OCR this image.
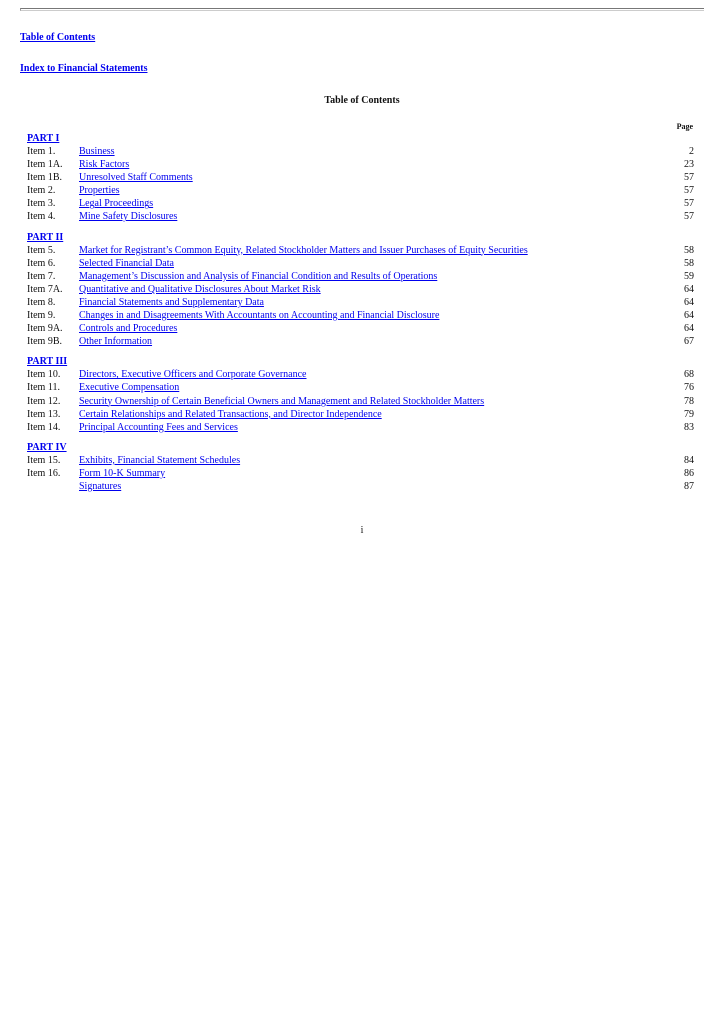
Table of Contents
Index to Financial Statements
Table of Contents
Page
PART I
Item 1.	Business	2
Item 1A.	Risk Factors	23
Item 1B.	Unresolved Staff Comments	57
Item 2.	Properties	57
Item 3.	Legal Proceedings	57
Item 4.	Mine Safety Disclosures	57
PART II
Item 5.	Market for Registrant’s Common Equity, Related Stockholder Matters and Issuer Purchases of Equity Securities	58
Item 6.	Selected Financial Data	58
Item 7.	Management’s Discussion and Analysis of Financial Condition and Results of Operations	59
Item 7A.	Quantitative and Qualitative Disclosures About Market Risk	64
Item 8.	Financial Statements and Supplementary Data	64
Item 9.	Changes in and Disagreements With Accountants on Accounting and Financial Disclosure	64
Item 9A.	Controls and Procedures	64
Item 9B.	Other Information	67
PART III
Item 10.	Directors, Executive Officers and Corporate Governance	68
Item 11.	Executive Compensation	76
Item 12.	Security Ownership of Certain Beneficial Owners and Management and Related Stockholder Matters	78
Item 13.	Certain Relationships and Related Transactions, and Director Independence	79
Item 14.	Principal Accounting Fees and Services	83
PART IV
Item 15.	Exhibits, Financial Statement Schedules	84
Item 16.	Form 10-K Summary	86
Signatures	87
i
